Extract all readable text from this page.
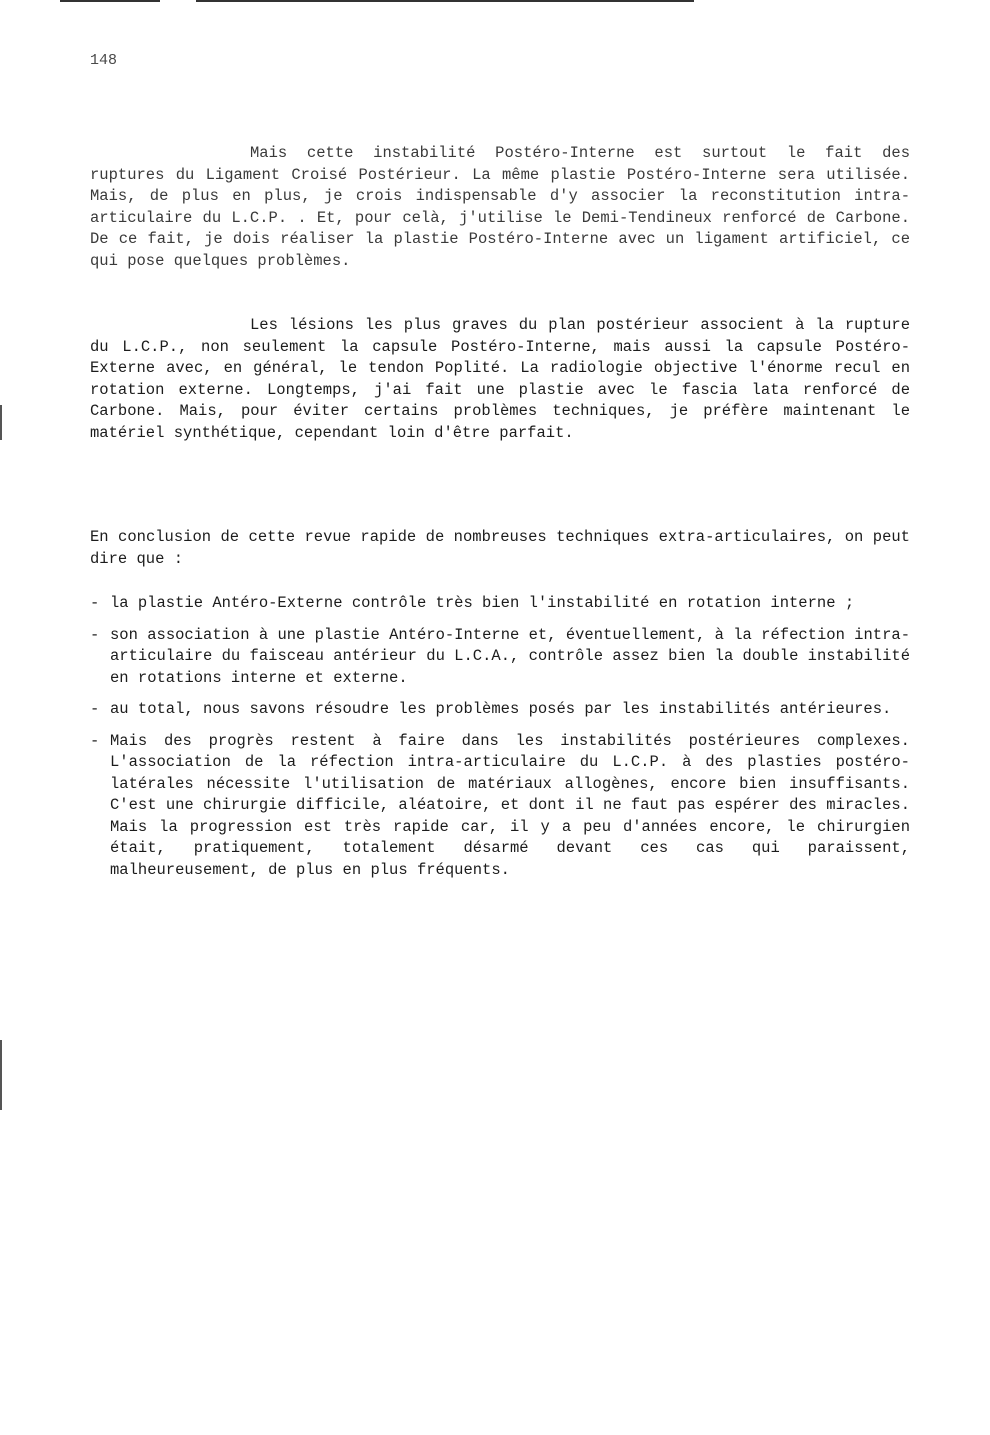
148

Mais cette instabilité Postéro-Interne est surtout le fait des ruptures du Ligament Croisé Postérieur. La même plastie Postéro-Interne sera utilisée. Mais, de plus en plus, je crois indispensable d'y associer la reconstitution intra-articulaire du L.C.P. . Et, pour celà, j'utilise le Demi-Tendineux renforcé de Carbone. De ce fait, je dois réaliser la plastie Postéro-Interne avec un ligament artificiel, ce qui pose quelques problèmes.

Les lésions les plus graves du plan postérieur associent à la rupture du L.C.P., non seulement la capsule Postéro-Interne, mais aussi la capsule Postéro-Externe avec, en général, le tendon Poplité. La radiologie objective l'énorme recul en rotation externe. Longtemps, j'ai fait une plastie avec le fascia lata renforcé de Carbone. Mais, pour éviter certains problèmes techniques, je préfère maintenant le matériel synthétique, cependant loin d'être parfait.

En conclusion de cette revue rapide de nombreuses techniques extra-articulaires, on peut dire que :

- la plastie Antéro-Externe contrôle très bien l'instabilité en rotation interne ;
- son association à une plastie Antéro-Interne et, éventuellement, à la réfection intra-articulaire du faisceau antérieur du L.C.A., contrôle assez bien la double instabilité en rotations interne et externe.
- au total, nous savons résoudre les problèmes posés par les instabilités antérieures.
- Mais des progrès restent à faire dans les instabilités postérieures complexes. L'association de la réfection intra-articulaire du L.C.P. à des plasties postéro-latérales nécessite l'utilisation de matériaux allogènes, encore bien insuffisants. C'est une chirurgie difficile, aléatoire, et dont il ne faut pas espérer des miracles. Mais la progression est très rapide car, il y a peu d'années encore, le chirurgien était, pratiquement, totalement désarmé devant ces cas qui paraissent, malheureusement, de plus en plus fréquents.
